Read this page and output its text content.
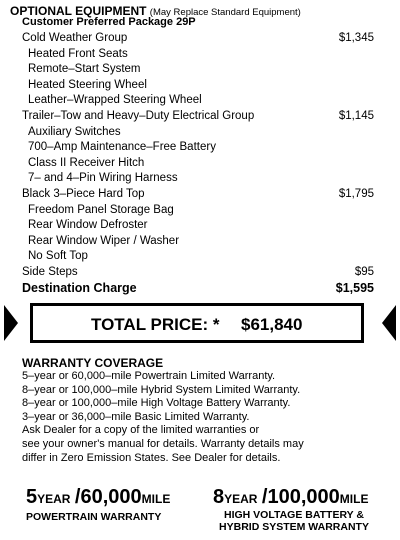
OPTIONAL EQUIPMENT (May Replace Standard Equipment)
Customer Preferred Package 29P
Cold Weather Group	$1,345
Heated Front Seats
Remote–Start System
Heated Steering Wheel
Leather–Wrapped Steering Wheel
Trailer–Tow and Heavy–Duty Electrical Group	$1,145
Auxiliary Switches
700–Amp Maintenance–Free Battery
Class II Receiver Hitch
7– and 4–Pin Wiring Harness
Black 3–Piece Hard Top	$1,795
Freedom Panel Storage Bag
Rear Window Defroster
Rear Window Wiper / Washer
No Soft Top
Side Steps	$95
Destination Charge	$1,595
TOTAL PRICE: * $61,840
WARRANTY COVERAGE
5–year or 60,000–mile Powertrain Limited Warranty.
8–year or 100,000–mile Hybrid System Limited Warranty.
8–year or 100,000–mile High Voltage Battery Warranty.
3–year or 36,000–mile Basic Limited Warranty.
Ask Dealer for a copy of the limited warranties or
see your owner's manual for details. Warranty details may
differ in Zero Emission States. See Dealer for details.
5YEAR /60,000MILE
POWERTRAIN WARRANTY
8YEAR /100,000MILE
HIGH VOLTAGE BATTERY &
HYBRID SYSTEM WARRANTY
